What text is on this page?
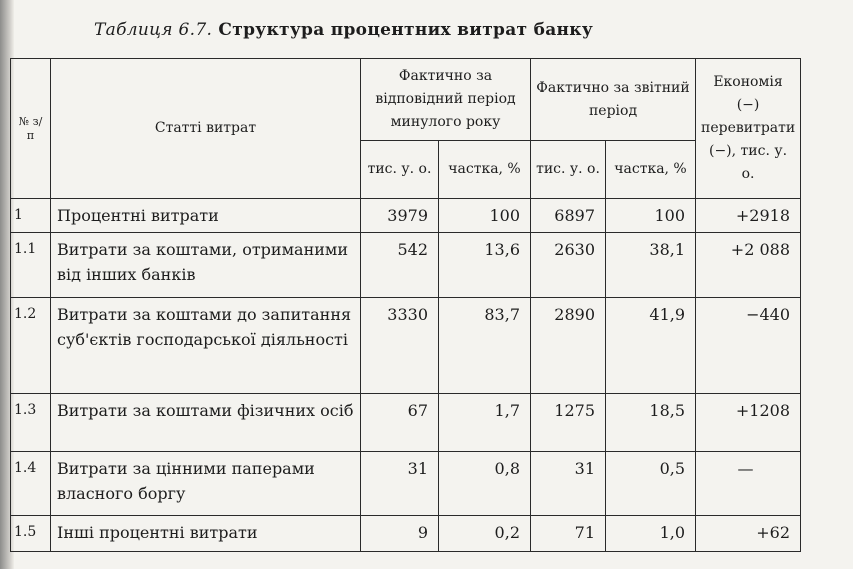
Таблиця 6.7. Структура процентних витрат банку
№ з/п	Статті витрат	Фактично за відповідний період минулого року		Фактично за звітний період		Економія (−) перевитрати (−), тис. у. о.
		тис. у. о.	частка, %	тис. у. о.	частка, %	
1	Процентні витрати	3979	100	6897	100	+2918
1.1	Витрати за коштами, отриманими від інших банків	542	13,6	2630	38,1	+2 088
1.2	Витрати за коштами до запитання суб'єктів господарської діяльності	3330	83,7	2890	41,9	−440
1.3	Витрати за коштами фізичних осіб	67	1,7	1275	18,5	+1208
1.4	Витрати за цінними паперами власного боргу	31	0,8	31	0,5	—
1.5	Інші процентні витрати	9	0,2	71	1,0	+62
